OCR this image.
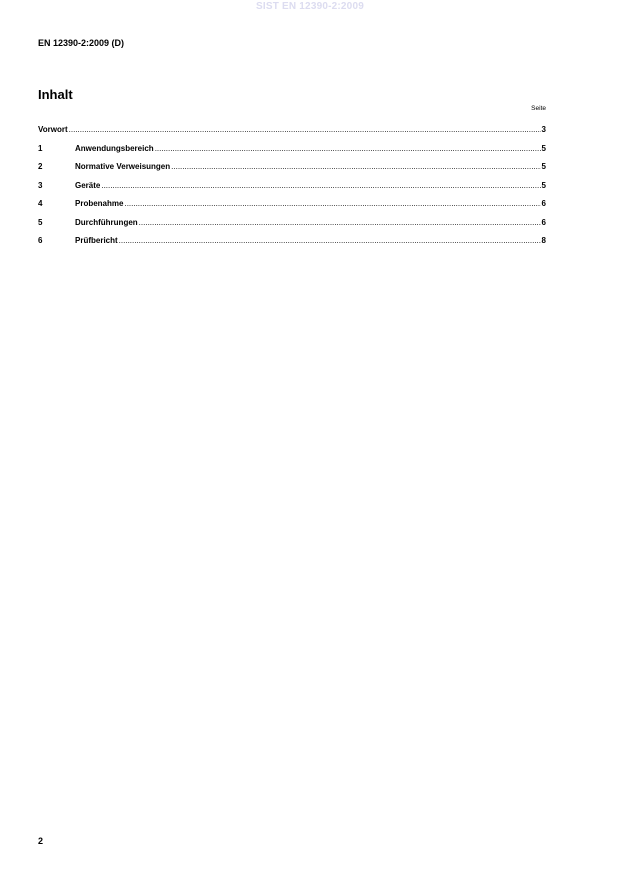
SIST EN 12390-2:2009
EN 12390-2:2009 (D)
Inhalt
Seite
Vorwort .....	3
1	Anwendungsbereich .....	5
2	Normative Verweisungen .....	5
3	Geräte .....	5
4	Probenahme .....	6
5	Durchführungen .....	6
6	Prüfbericht .....	8
2
